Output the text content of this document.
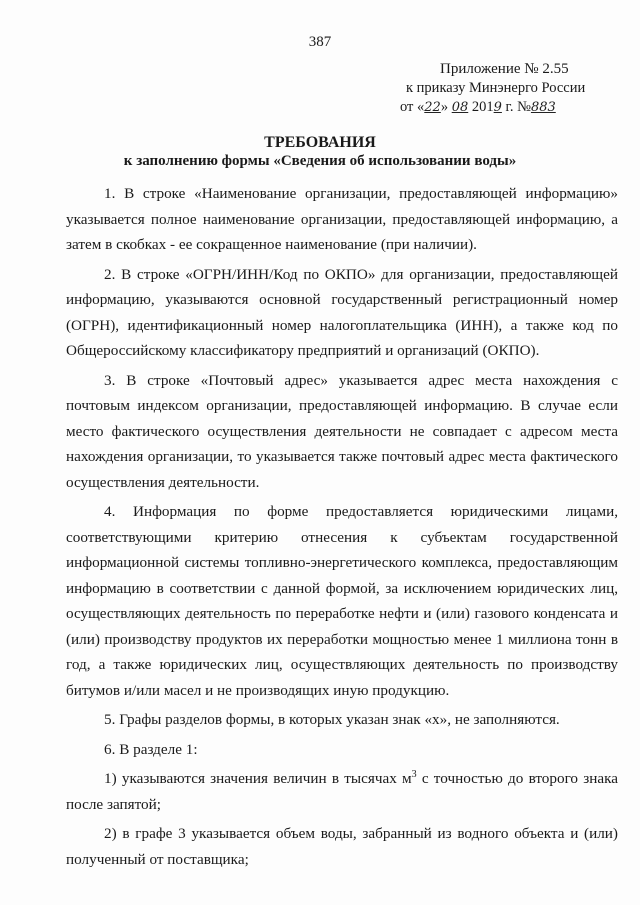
387
Приложение № 2.55
к приказу Минэнерго России
от «22» 08 2019 г. №883
ТРЕБОВАНИЯ
к заполнению формы «Сведения об использовании воды»

1. В строке «Наименование организации, предоставляющей информацию» указывается полное наименование организации, предоставляющей информацию, а затем в скобках - ее сокращенное наименование (при наличии).

2. В строке «ОГРН/ИНН/Код по ОКПО» для организации, предоставляющей информацию, указываются основной государственный регистрационный номер (ОГРН), идентификационный номер налогоплательщика (ИНН), а также код по Общероссийскому классификатору предприятий и организаций (ОКПО).

3. В строке «Почтовый адрес» указывается адрес места нахождения с почтовым индексом организации, предоставляющей информацию. В случае если место фактического осуществления деятельности не совпадает с адресом места нахождения организации, то указывается также почтовый адрес места фактического осуществления деятельности.

4. Информация по форме предоставляется юридическими лицами, соответствующими критерию отнесения к субъектам государственной информационной системы топливно-энергетического комплекса, предоставляющим информацию в соответствии с данной формой, за исключением юридических лиц, осуществляющих деятельность по переработке нефти и (или) газового конденсата и (или) производству продуктов их переработки мощностью менее 1 миллиона тонн в год, а также юридических лиц, осуществляющих деятельность по производству битумов и/или масел и не производящих иную продукцию.

5. Графы разделов формы, в которых указан знак «х», не заполняются.

6. В разделе 1:

1) указываются значения величин в тысячах $м^3$ с точностью до второго знака после запятой;

2) в графе 3 указывается объем воды, забранный из водного объекта и (или) полученный от поставщика;
